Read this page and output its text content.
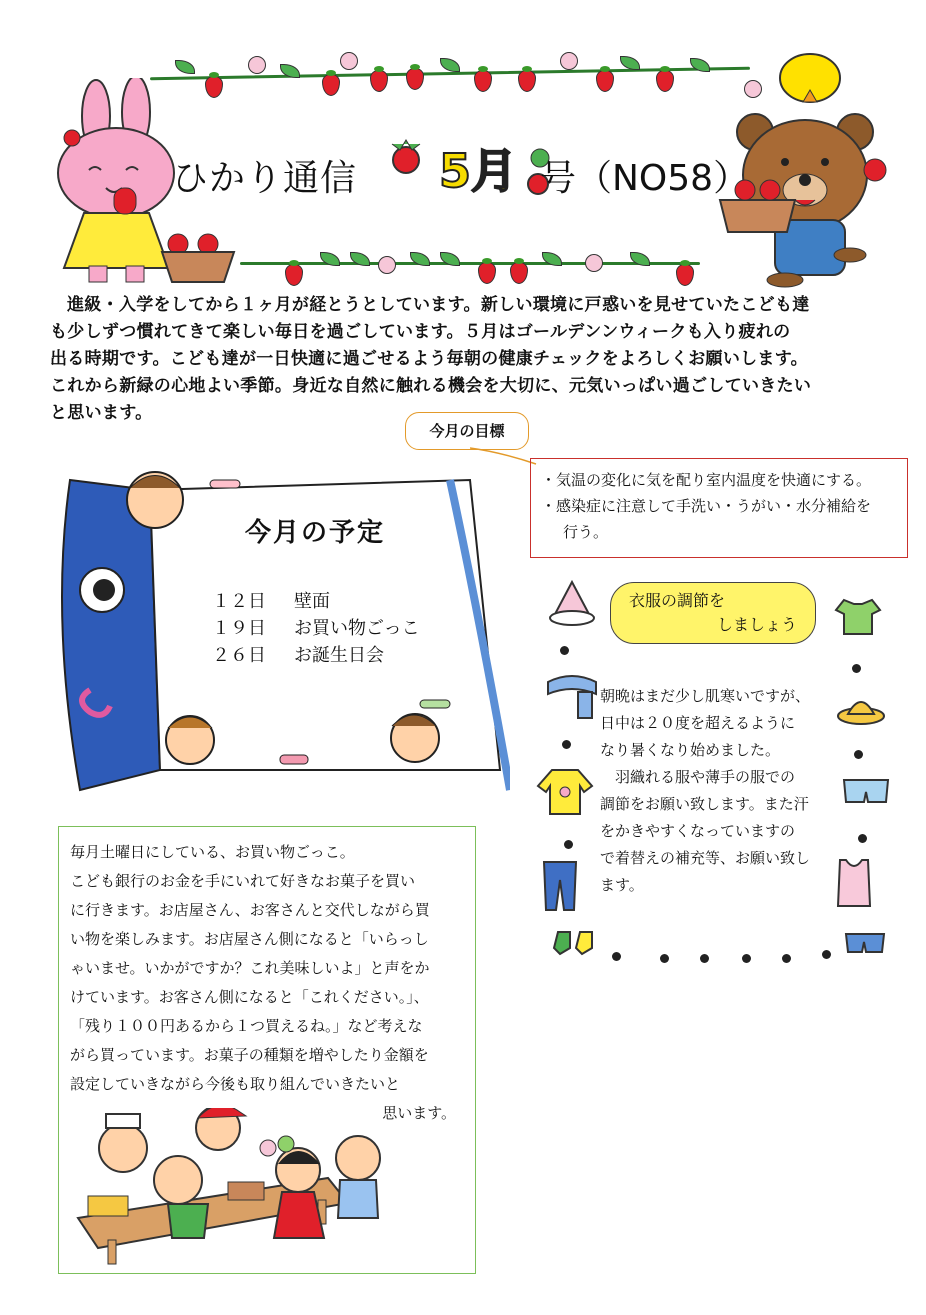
ひかり通信	5月 号（NO58）
進級・入学をしてから１ヶ月が経とうとしています。新しい環境に戸惑いを見せていたこども達
も少しずつ慣れてきて楽しい毎日を過ごしています。５月はゴールデンンウィークも入り疲れの
出る時期です。こども達が一日快適に過ごせるよう毎朝の健康チェックをよろしくお願いします。
これから新緑の心地よい季節。身近な自然に触れる機会を大切に、元気いっぱい過ごしていきたい
と思います。
今月の目標
・気温の変化に気を配り室内温度を快適にする。
・感染症に注意して手洗い・うがい・水分補給を
行う。
今月の予定
１２日	壁面
１９日	お買い物ごっこ
２６日	お誕生日会
衣服の調節を
しましょう
朝晩はまだ少し肌寒いですが、
日中は２０度を超えるように
なり暑くなり始めました。
　羽織れる服や薄手の服での
調節をお願い致します。また汗
をかきやすくなっていますの
で着替えの補充等、お願い致し
ます。
毎月土曜日にしている、お買い物ごっこ。
こども銀行のお金を手にいれて好きなお菓子を買い
に行きます。お店屋さん、お客さんと交代しながら買
い物を楽しみます。お店屋さん側になると「いらっし
ゃいませ。いかがですか？これ美味しいよ」と声をか
けています。お客さん側になると「これください。」、
「残り１００円あるから１つ買えるね。」など考えな
がら買っています。お菓子の種類を増やしたり金額を
設定していきながら今後も取り組んでいきたいと
思います。
